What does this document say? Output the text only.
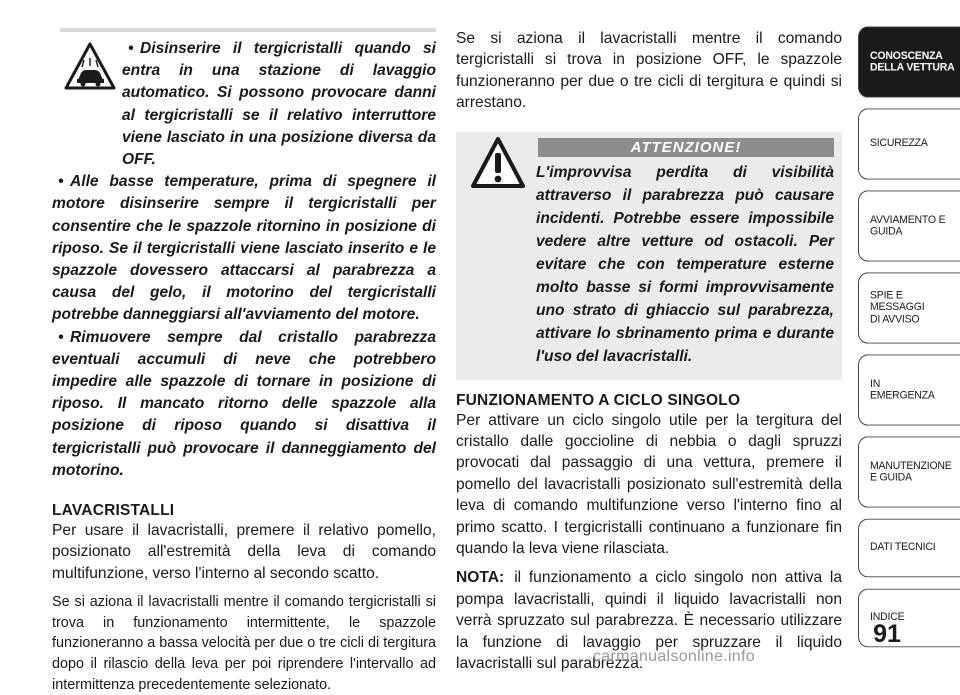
• Disinserire il tergicristalli quando si entra in una stazione di lavaggio automatico. Si possono provocare danni al tergicristalli se il relativo interruttore viene lasciato in una posizione diversa da OFF.

• Alle basse temperature, prima di spegnere il motore disinserire sempre il tergicristalli per consentire che le spazzole ritornino in posizione di riposo. Se il tergicristalli viene lasciato inserito e le spazzole dovessero attaccarsi al parabrezza a causa del gelo, il motorino del tergicristalli potrebbe danneggiarsi all'avviamento del motore.

• Rimuovere sempre dal cristallo parabrezza eventuali accumuli di neve che potrebbero impedire alle spazzole di tornare in posizione di riposo. Il mancato ritorno delle spazzole alla posizione di riposo quando si disattiva il tergicristalli può provocare il danneggiamento del motorino.

LAVACRISTALLI

Per usare il lavacristalli, premere il relativo pomello, posizionato all'estremità della leva di comando multifunzione, verso l'interno al secondo scatto.

Se si aziona il lavacristalli mentre il comando tergicristalli si trova in funzionamento intermittente, le spazzole funzioneranno a bassa velocità per due o tre cicli di tergitura dopo il rilascio della leva per poi riprendere l'intervallo ad intermittenza precedentemente selezionato.

Se si aziona il lavacristalli mentre il comando tergicristalli si trova in posizione OFF, le spazzole funzioneranno per due o tre cicli di tergitura e quindi si arrestano.

ATTENZIONE!
L'improvvisa perdita di visibilità attraverso il parabrezza può causare incidenti. Potrebbe essere impossibile vedere altre vetture od ostacoli. Per evitare che con temperature esterne molto basse si formi improvvisamente uno strato di ghiaccio sul parabrezza, attivare lo sbrinamento prima e durante l'uso del lavacristalli.
FUNZIONAMENTO A CICLO SINGOLO

Per attivare un ciclo singolo utile per la tergitura del cristallo dalle goccioline di nebbia o dagli spruzzi provocati dal passaggio di una vettura, premere il pomello del lavacristalli posizionato sull'estremità della leva di comando multifunzione verso l'interno fino al primo scatto. I tergicristalli continuano a funzionare fin quando la leva viene rilasciata.

NOTA: il funzionamento a ciclo singolo non attiva la pompa lavacristalli, quindi il liquido lavacristalli non verrà spruzzato sul parabrezza. È necessario utilizzare la funzione di lavaggio per spruzzare il liquido lavacristalli sul parabrezza.

CONOSCENZA
DELLA VETTURA
SICUREZZA
AVVIAMENTO E
GUIDA
SPIE E
MESSAGGI
DI AVVISO
IN
EMERGENZA
MANUTENZIONE
E GUIDA
DATI TECNICI
INDICE
91
carmanualsonline.info
